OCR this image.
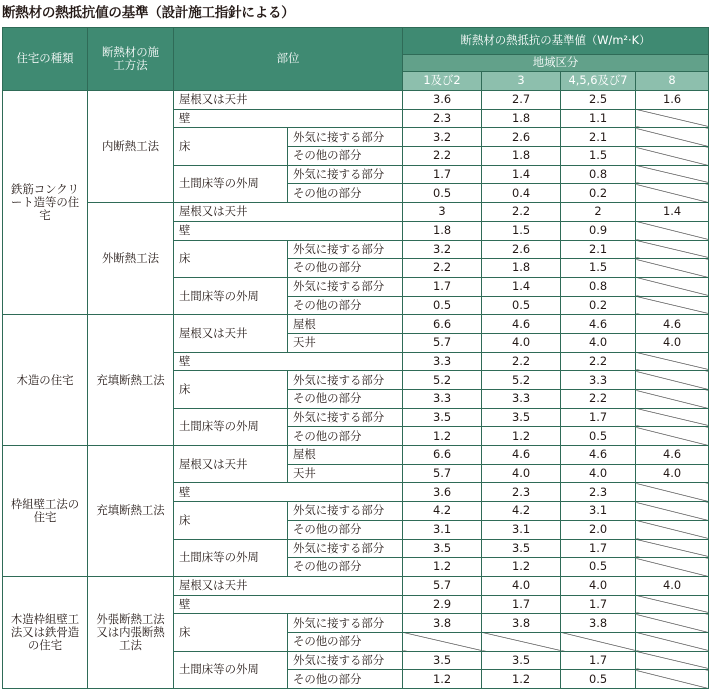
断熱材の熱抵抗値の基準（設計施工指針による）
住宅の種類	断熱材の施工方法	部位		断熱材の熱抵抗の基準値（W/m²·K）			
				地域区分			
				1及び2	3	4,5,6及び7	8
鉄筋コンクリート造等の住宅	内断熱工法	屋根又は天井		3.6	2.7	2.5	1.6
		壁		2.3	1.8	1.1	
		床	外気に接する部分	3.2	2.6	2.1	
			その他の部分	2.2	1.8	1.5	
		土間床等の外周	外気に接する部分	1.7	1.4	0.8	
			その他の部分	0.5	0.4	0.2	
	外断熱工法	屋根又は天井		3	2.2	2	1.4
		壁		1.8	1.5	0.9	
		床	外気に接する部分	3.2	2.6	2.1	
			その他の部分	2.2	1.8	1.5	
		土間床等の外周	外気に接する部分	1.7	1.4	0.8	
			その他の部分	0.5	0.5	0.2	
木造の住宅	充填断熱工法	屋根又は天井	屋根	6.6	4.6	4.6	4.6
			天井	5.7	4.0	4.0	4.0
		壁		3.3	2.2	2.2	
		床	外気に接する部分	5.2	5.2	3.3	
			その他の部分	3.3	3.3	2.2	
		土間床等の外周	外気に接する部分	3.5	3.5	1.7	
			その他の部分	1.2	1.2	0.5	
枠組壁工法の住宅	充填断熱工法	屋根又は天井	屋根	6.6	4.6	4.6	4.6
			天井	5.7	4.0	4.0	4.0
		壁		3.6	2.3	2.3	
		床	外気に接する部分	4.2	4.2	3.1	
			その他の部分	3.1	3.1	2.0	
		土間床等の外周	外気に接する部分	3.5	3.5	1.7	
			その他の部分	1.2	1.2	0.5	
木造枠組壁工法又は鉄骨造の住宅	外張断熱工法又は内張断熱工法	屋根又は天井		5.7	4.0	4.0	4.0
		壁		2.9	1.7	1.7	
		床	外気に接する部分	3.8	3.8	3.8	
			その他の部分				
		土間床等の外周	外気に接する部分	3.5	3.5	1.7	
			その他の部分	1.2	1.2	0.5	
